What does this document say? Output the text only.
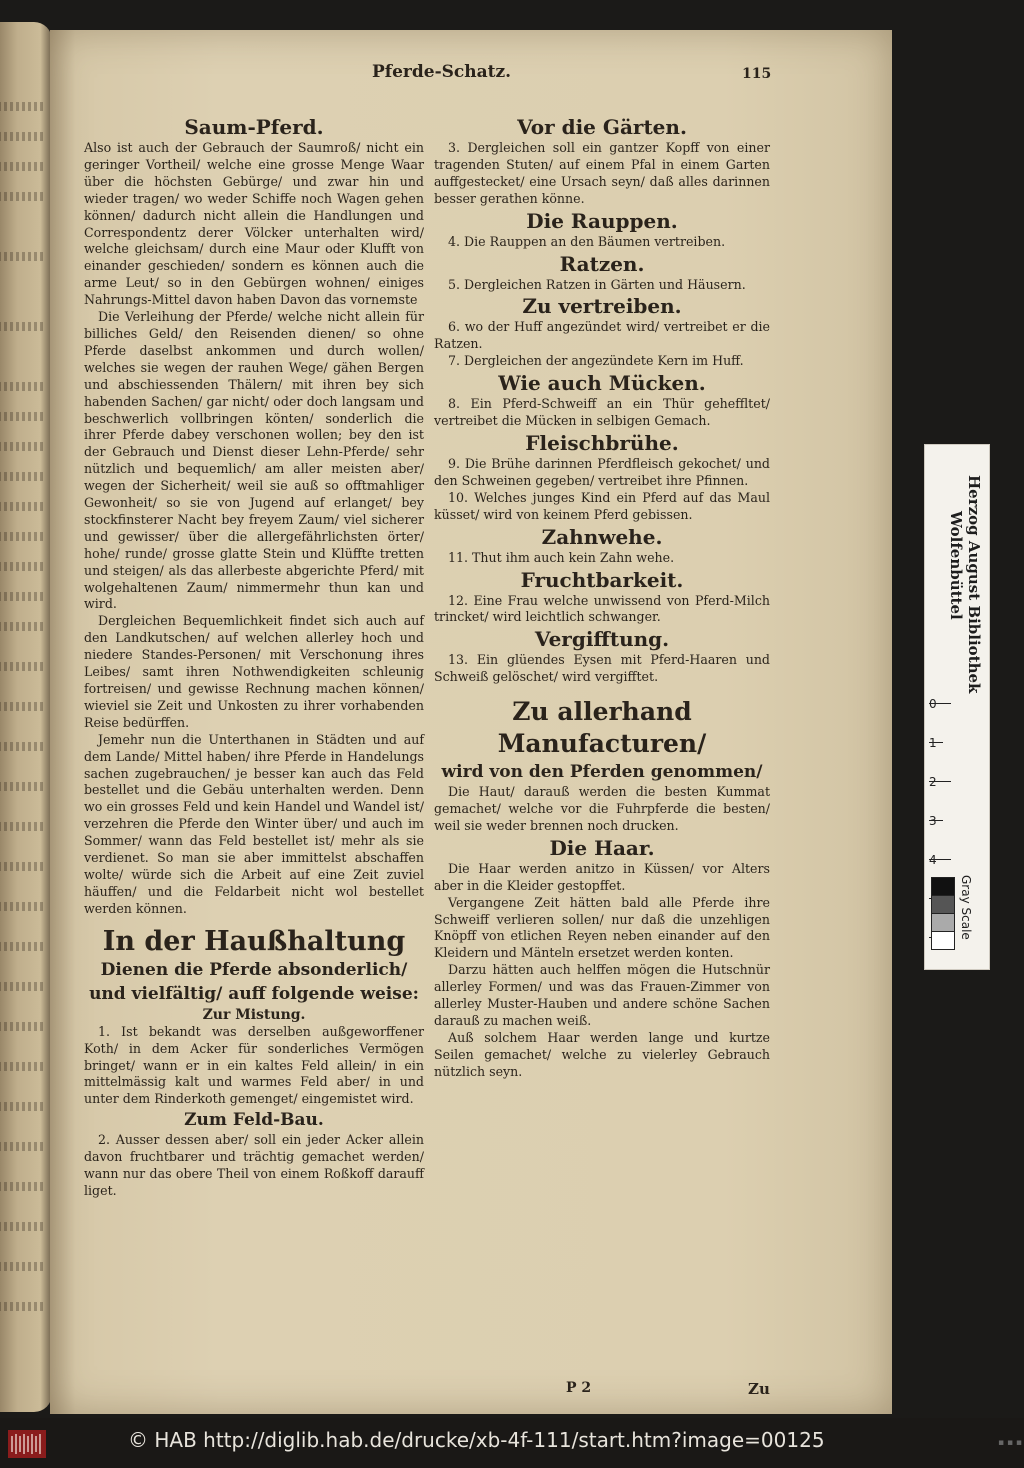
Pferde-Schatz.	115

Saum-Pferd.

Also ist auch der Gebrauch der Saumroß/ nicht ein geringer Vortheil/ welche eine grosse Menge Waar über die höchsten Gebürge/ und zwar hin und wieder tragen/ wo weder Schiffe noch Wagen gehen können/ dadurch nicht allein die Handlungen und Correspondentz derer Völcker unterhalten wird/ welche gleichsam/ durch eine Maur oder Klufft von einander geschieden/ sondern es können auch die arme Leut/ so in den Gebürgen wohnen/ einiges Nahrungs-Mittel davon haben Davon das vornemste

Die Verleihung der Pferde/ welche nicht allein für billiches Geld/ den Reisenden dienen/ so ohne Pferde daselbst ankommen und durch wollen/ welches sie wegen der rauhen Wege/ gähen Bergen und abschiessenden Thälern/ mit ihren bey sich habenden Sachen/ gar nicht/ oder doch langsam und beschwerlich vollbringen könten/ sonderlich die ihrer Pferde dabey verschonen wollen; bey den ist der Gebrauch und Dienst dieser Lehn-Pferde/ sehr nützlich und bequemlich/ am aller meisten aber/ wegen der Sicherheit/ weil sie auß so offtmahliger Gewonheit/ so sie von Jugend auf erlanget/ bey stockfinsterer Nacht bey freyem Zaum/ viel sicherer und gewisser/ über die allergefährlichsten örter/ hohe/ runde/ grosse glatte Stein und Klüffte tretten und steigen/ als das allerbeste abgerichte Pferd/ mit wolgehaltenen Zaum/ nimmermehr thun kan und wird.

Dergleichen Bequemlichkeit findet sich auch auf den Landkutschen/ auf welchen allerley hoch und niedere Standes-Personen/ mit Verschonung ihres Leibes/ samt ihren Nothwendigkeiten schleunig fortreisen/ und gewisse Rechnung machen können/ wieviel sie Zeit und Unkosten zu ihrer vorhabenden Reise bedürffen.

Jemehr nun die Unterthanen in Städten und auf dem Lande/ Mittel haben/ ihre Pferde in Handelungs sachen zugebrauchen/ je besser kan auch das Feld bestellet und die Gebäu unterhalten werden. Denn wo ein grosses Feld und kein Handel und Wandel ist/ verzehren die Pferde den Winter über/ und auch im Sommer/ wann das Feld bestellet ist/ mehr als sie verdienet. So man sie aber immittelst abschaffen wolte/ würde sich die Arbeit auf eine Zeit zuviel häuffen/ und die Feldarbeit nicht wol bestellet werden können.

In der Haußhaltung

Dienen die Pferde absonderlich/ und vielfältig/ auff folgende weise:

Zur Mistung.

1. Ist bekandt was derselben außgeworffener Koth/ in dem Acker für sonderliches Vermögen bringet/ wann er in ein kaltes Feld allein/ in ein mittelmässig kalt und warmes Feld aber/ in und unter dem Rinderkoth gemenget/ eingemistet wird.

Zum Feld-Bau.

2. Ausser dessen aber/ soll ein jeder Acker allein davon fruchtbarer und trächtig gemachet werden/ wann nur das obere Theil von einem Roßkoff darauff liget.

Vor die Gärten.

3. Dergleichen soll ein gantzer Kopff von einer tragenden Stuten/ auf einem Pfal in einem Garten auffgestecket/ eine Ursach seyn/ daß alles darinnen besser gerathen könne.

Die Rauppen.

4. Die Rauppen an den Bäumen vertreiben.

Ratzen.

5. Dergleichen Ratzen in Gärten und Häusern.

Zu vertreiben.

6. wo der Huff angezündet wird/ vertreibet er die Ratzen.

7. Dergleichen der angezündete Kern im Huff.

Wie auch Mücken.

8. Ein Pferd-Schweiff an ein Thür geheffltet/ vertreibet die Mücken in selbigen Gemach.

Fleischbrühe.

9. Die Brühe darinnen Pferdfleisch gekochet/ und den Schweinen gegeben/ vertreibet ihre Pfinnen.

10. Welches junges Kind ein Pferd auf das Maul küsset/ wird von keinem Pferd gebissen.

Zahnwehe.

11. Thut ihm auch kein Zahn wehe.

Fruchtbarkeit.

12. Eine Frau welche unwissend von Pferd-Milch trincket/ wird leichtlich schwanger.

Vergifftung.

13. Ein glüendes Eysen mit Pferd-Haaren und Schweiß gelöschet/ wird vergifftet.

Zu allerhand Manufacturen/

wird von den Pferden genommen/

Die Haut/ darauß werden die besten Kummat gemachet/ welche vor die Fuhrpferde die besten/ weil sie weder brennen noch drucken.

Die Haar.

Die Haar werden anitzo in Küssen/ vor Alters aber in die Kleider gestopffet.

Vergangene Zeit hätten bald alle Pferde ihre Schweiff verlieren sollen/ nur daß die unzehligen Knöpff von etlichen Reyen neben einander auf den Kleidern und Mänteln ersetzet werden konten.

Darzu hätten auch helffen mögen die Hutschnür allerley Formen/ und was das Frauen-Zimmer von allerley Muster-Hauben und andere schöne Sachen darauß zu machen weiß.

Auß solchem Haar werden lange und kurtze Seilen gemachet/ welche zu vielerley Gebrauch nützlich seyn.

P 2	Zu
Herzog August Bibliothek
Wolfenbüttel
0
1
2
3
4
Gray Scale
© HAB http://diglib.hab.de/drucke/xb-4f-111/start.htm?image=00125	▪ ▪ ▪
